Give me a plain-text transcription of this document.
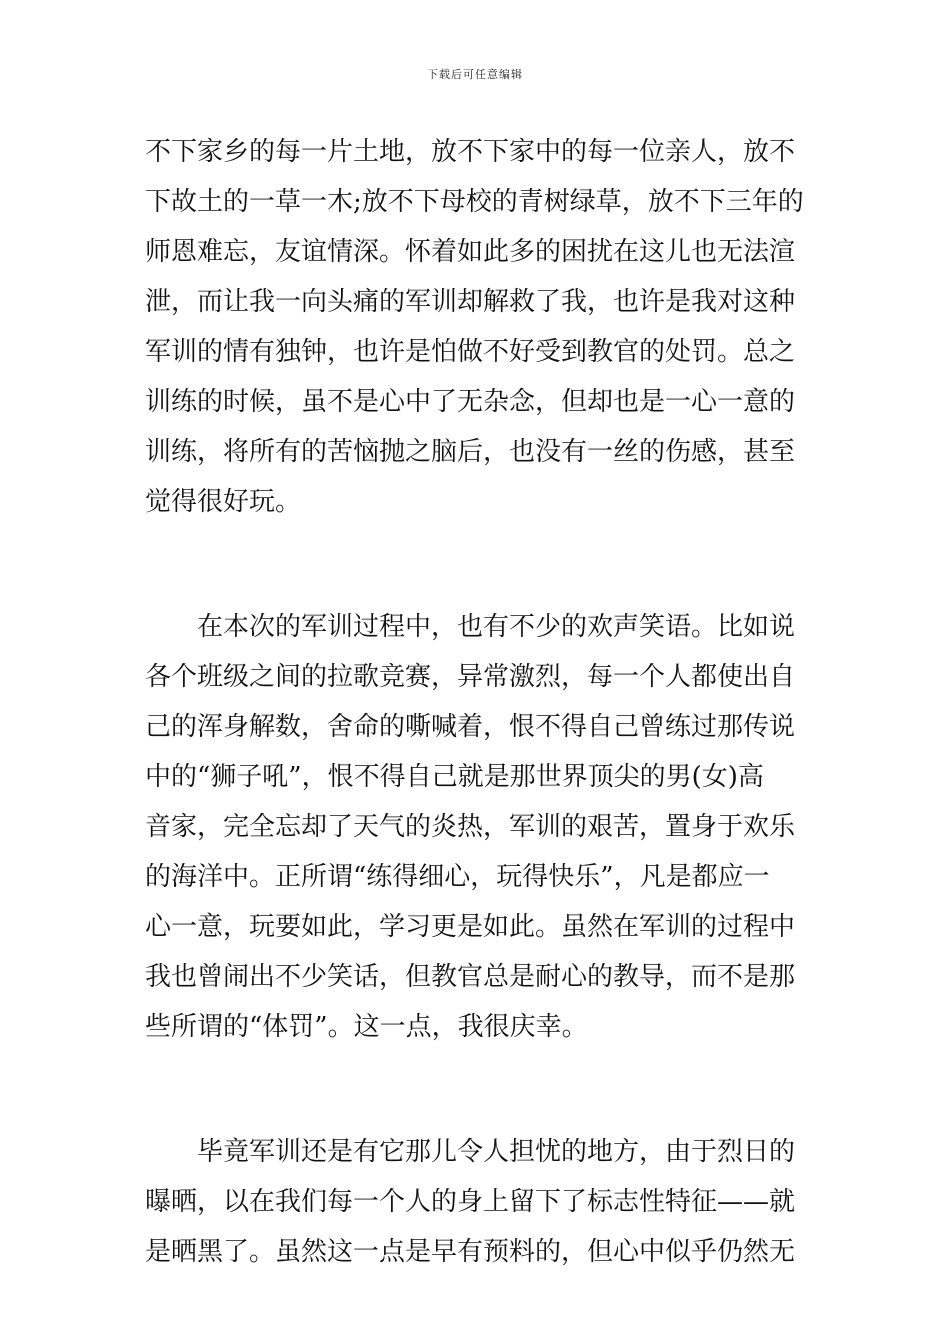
下载后可任意编辑
不下家乡的每一片土地，放不下家中的每一位亲人，放不
下故土的一草一木;放不下母校的青树绿草，放不下三年的
师恩难忘，友谊情深。怀着如此多的困扰在这儿也无法渲
泄，而让我一向头痛的军训却解救了我，也许是我对这种
军训的情有独钟，也许是怕做不好受到教官的处罚。总之
训练的时候，虽不是心中了无杂念，但却也是一心一意的
训练，将所有的苦恼抛之脑后，也没有一丝的伤感，甚至
觉得很好玩。
在本次的军训过程中，也有不少的欢声笑语。比如说
各个班级之间的拉歌竞赛，异常激烈，每一个人都使出自
己的浑身解数，舍命的嘶喊着，恨不得自己曾练过那传说
中的“狮子吼”，恨不得自己就是那世界顶尖的男(女)高
音家，完全忘却了天气的炎热，军训的艰苦，置身于欢乐
的海洋中。正所谓“练得细心，玩得快乐”，凡是都应一
心一意，玩要如此，学习更是如此。虽然在军训的过程中
我也曾闹出不少笑话，但教官总是耐心的教导，而不是那
些所谓的“体罚”。这一点，我很庆幸。
毕竟军训还是有它那儿令人担忧的地方，由于烈日的
曝晒，以在我们每一个人的身上留下了标志性特征——就
是晒黑了。虽然这一点是早有预料的，但心中似乎仍然无
